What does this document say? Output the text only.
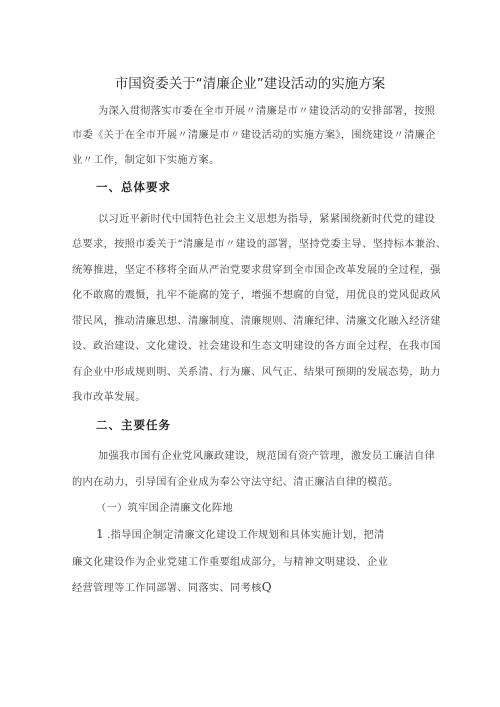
市国资委关于“清廉企业”建设活动的实施方案
为深入贯彻落实市委在全市开展〃清廉是市〃建设活动的安排部署，按照
市委《关于在全市开展〃清廉是市〃建设活动的实施方案》，围绕建设〃清廉企
业〃工作，制定如下实施方案。
一、总体要求
以习近平新时代中国特色社会主义思想为指导，紧紧围绕新时代党的建设
总要求，按照市委关于“清廉是市〃建设的部署，坚持党委主导、坚持标本兼治、
统筹推进，坚定不移将全面从严治党要求贯穿到全市国企改革发展的全过程，强
化不敢腐的震慑，扎牢不能腐的笼子，增强不想腐的自觉，用优良的党风促政风
带民风，推动清廉思想、清廉制度、清廉规则、清廉纪律、清廉文化融入经济建
设、政治建设、文化建设、社会建设和生态文明建设的各方面全过程，在我市国
有企业中形成规则明、关系清、行为廉、风气正、结果可预期的发展态势，助力
我市改革发展。
二、主要任务
加强我市国有企业党风廉政建设，规范国有资产管理，激发员工廉洁自律
的内在动力，引导国有企业成为奉公守法守纪、清正廉洁自律的模范。
（一）筑牢国企清廉文化阵地
1 .指导国企制定清廉文化建设工作规划和具体实施计划，把清
廉文化建设作为企业党建工作重要组成部分，与精神文明建设、企业
经营管理等工作同部署、同落实、同考核Q
